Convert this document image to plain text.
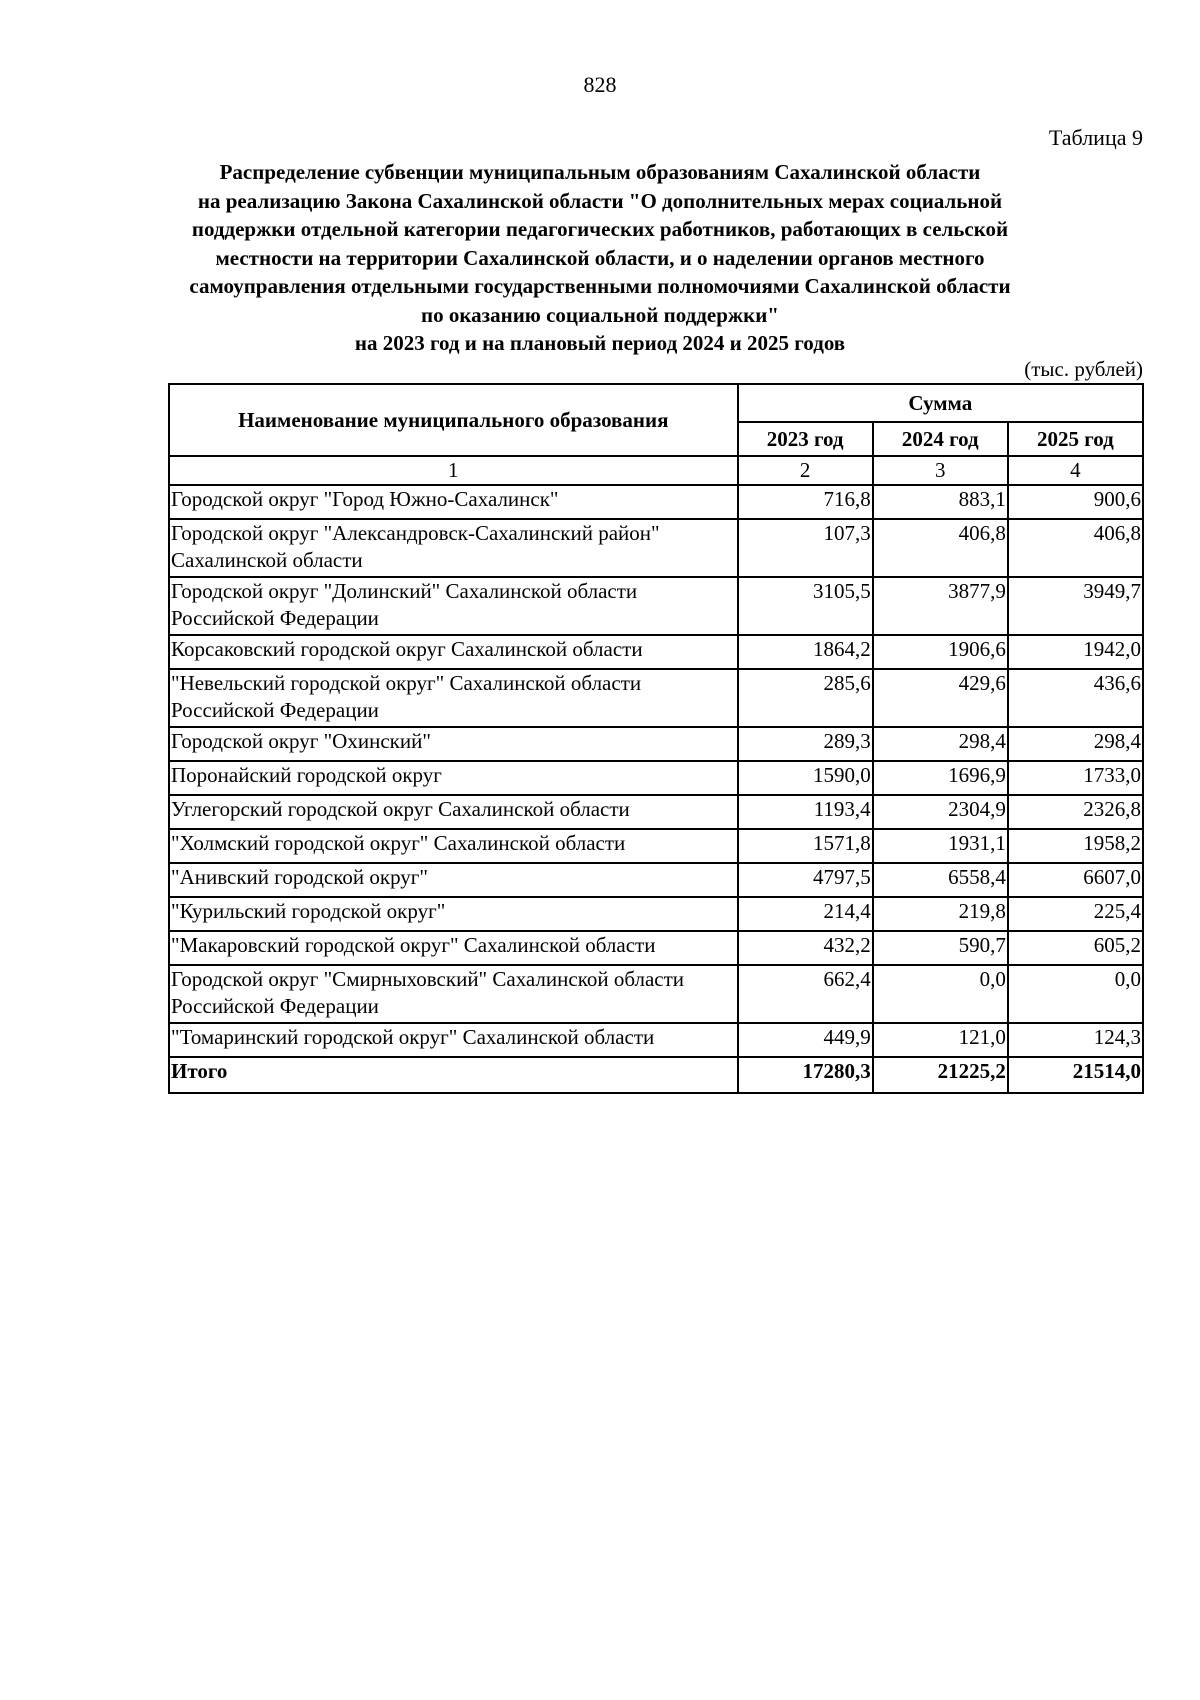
828
Таблица 9
Распределение субвенции муниципальным образованиям Сахалинской области
на реализацию Закона Сахалинской области "О дополнительных мерах социальной
поддержки отдельной категории педагогических работников, работающих в сельской
местности на территории Сахалинской области, и о наделении органов местного
самоуправления отдельными государственными полномочиями Сахалинской области
по оказанию социальной поддержки"
на 2023 год и на плановый период 2024 и 2025 годов
(тыс. рублей)
Наименование муниципального образования	Сумма		
	2023 год	2024 год	2025 год
1	2	3	4
Городской округ "Город Южно-Сахалинск"	716,8	883,1	900,6
Городской округ "Александровск-Сахалинский район" Сахалинской области	107,3	406,8	406,8
Городской округ "Долинский" Сахалинской области Российской Федерации	3105,5	3877,9	3949,7
Корсаковский городской округ Сахалинской области	1864,2	1906,6	1942,0
"Невельский городской округ" Сахалинской области Российской Федерации	285,6	429,6	436,6
Городской округ "Охинский"	289,3	298,4	298,4
Поронайский городской округ	1590,0	1696,9	1733,0
Углегорский городской округ Сахалинской области	1193,4	2304,9	2326,8
"Холмский городской округ" Сахалинской области	1571,8	1931,1	1958,2
"Анивский городской округ"	4797,5	6558,4	6607,0
"Курильский городской округ"	214,4	219,8	225,4
"Макаровский городской округ" Сахалинской области	432,2	590,7	605,2
Городской округ "Смирныховский" Сахалинской области Российской Федерации	662,4	0,0	0,0
"Томаринский городской округ" Сахалинской области	449,9	121,0	124,3
Итого	17280,3	21225,2	21514,0
